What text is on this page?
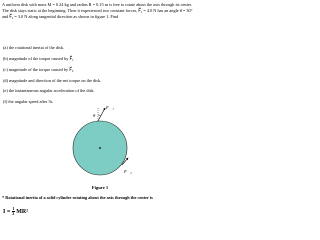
A uniform disk with mass M = 0.24 kg and radius R = 0.15 m is free to rotate about the axis through its center. The disk stays static at the beginning. Then it experienced two constant forces, F⃗₁ = 4.0 N has an angle θ = 30° and F⃗₂ = 3.0 N along tangential direction as shown in figure 1. Find
(a) the rotational inertia of the disk.
(b) magnitude of the torque caused by F⃗₁.
(c) magnitude of the torque caused by F⃗₂.
(d) magnitude and direction of the net torque on the disk.
(e) the instantaneous angular acceleration of the disk.
(f) the angular speed after 5s.
θ
F⃗₁
F⃗₂
Figure 1
* Rotational inertia of a solid cylinder rotating about the axis through the center is
$I = \frac{1}{2} MR^2$
